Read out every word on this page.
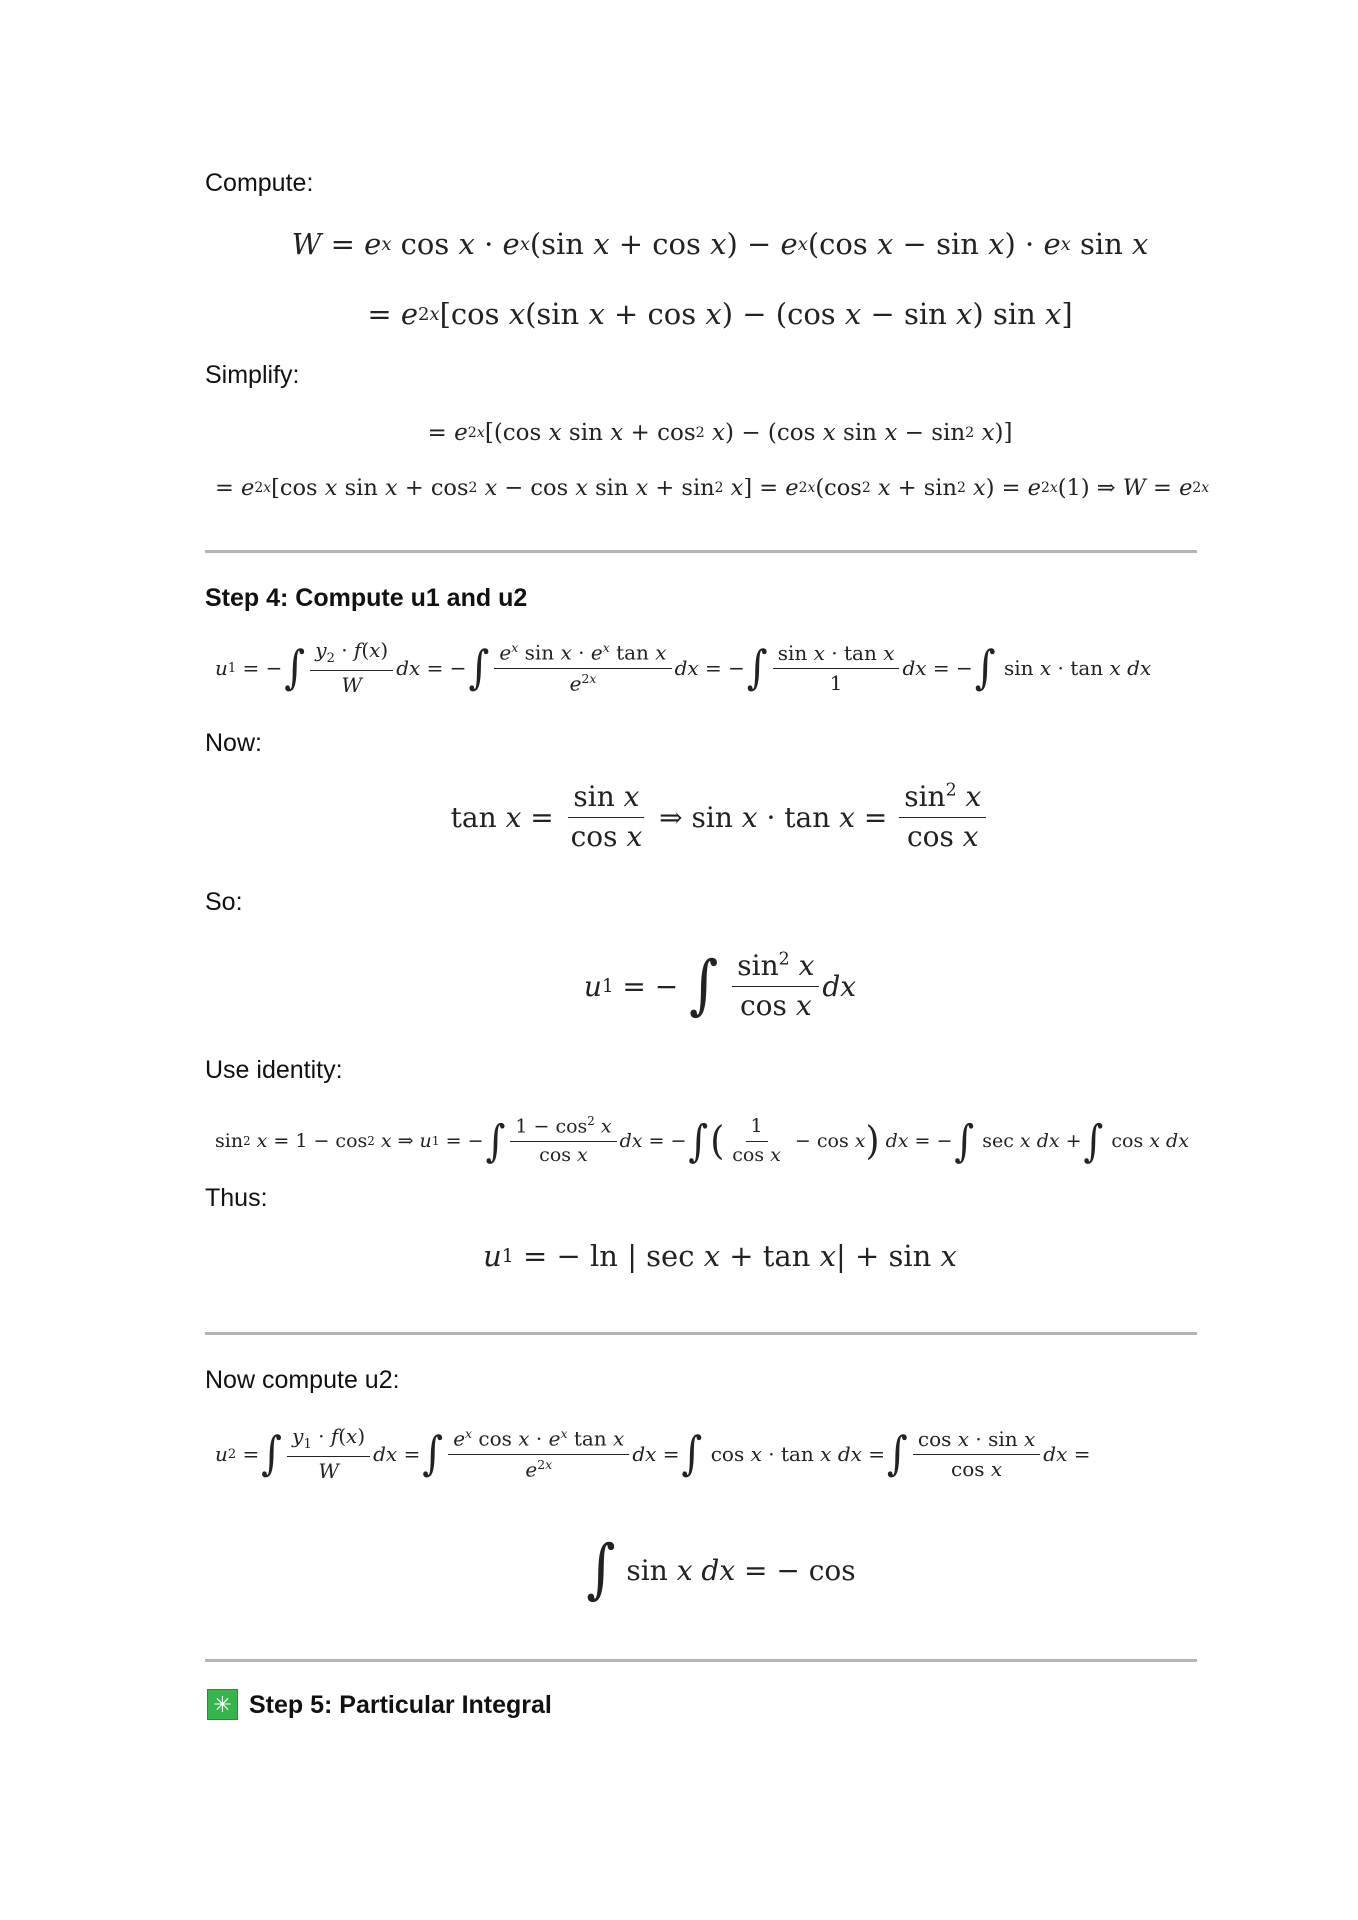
Compute:
W = e x cos x · e x (sin x + cos x ) − e x (cos x − sin x ) · e x sin x
= e 2x [cos x (sin x + cos x ) − (cos x − sin x ) sin x ]
Simplify:
= e 2x [(cos x sin x + cos 2
x ) − (cos x sin x − sin 2
x )]
= e 2x [cos x sin x + cos 2
x − cos x sin x + sin 2
x ] = e 2x (cos 2
x + sin 2
x ) = e 2x (1) ⇒ W = e 2x
Step 4: Compute u1 and u2
u 1 = − ∫ $\frac{y_2 \cdot f(x)}{W}$ dx = − ∫ $\frac{e^x \sin x \cdot e^x \tan x}{e^{2x}}$ dx = − ∫ $\frac{\text{sin x · tan x}}{1}$ dx = − ∫ sin x · tan x
dx
Now:
$\tan x = \frac{\text{sin x}}{\text{cos x}}$ ⇒ $\sin x \cdot \tan x = \frac{\sin^2 x}{\text{cos x}}$
So:
u 1 = − ∫
$\frac{\sin^2 x}{\text{cos x}}$ dx
Use identity:
sin 2
x = 1 − cos 2
x ⇒ u 1 = − ∫ $\frac{1 - \cos^2 x}{\text{cos x}}$ dx = − ∫ ( $\frac{1}{\text{cos x}} - \cos x$ )
dx = − ∫ sec x
dx + ∫ cos x
dx
Thus:
u 1 = − ln | sec x + tan x | + sin x
Now compute u2:
u 2 = ∫ $\frac{y_1 \cdot f(x)}{W}$ dx = ∫ $\frac{e^x \cos x \cdot e^x \tan x}{e^{2x}}$ dx = ∫ cos x · tan x
dx = ∫ $\frac{\text{cos x · sin x}}{\text{cos x}}$ dx =
∫ sin x
dx = − cos
✳ Step 5: Particular Integral
